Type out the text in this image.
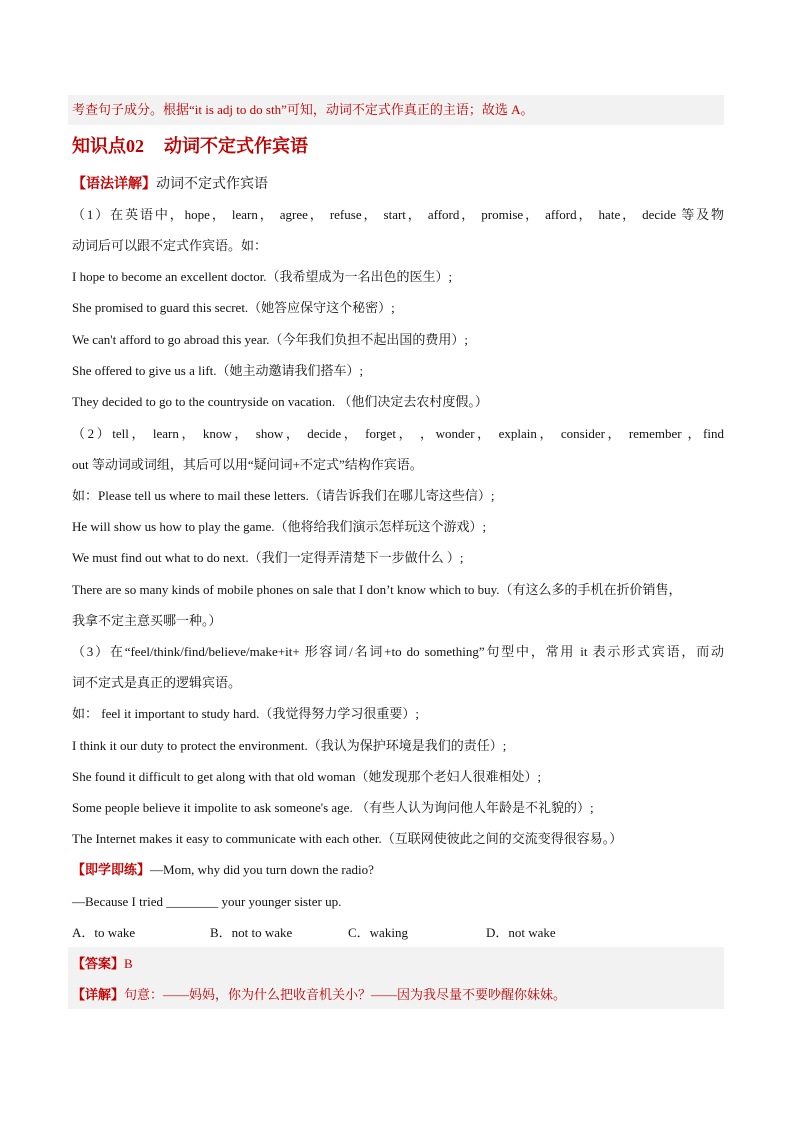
考查句子成分。根据“it is adj to do sth”可知，动词不定式作真正的主语；故选 A。
知识点02 动词不定式作宾语
【语法详解】动词不定式作宾语
（1）在英语中，hope， learn， agree， refuse， start， afford， promise， afford， hate， decide 等及物
动词后可以跟不定式作宾语。如：
I hope to become an excellent doctor.（我希望成为一名出色的医生）;
She promised to guard this secret.（她答应保守这个秘密）;
We can't afford to go abroad this year.（今年我们负担不起出国的费用）;
She offered to give us a lift.（她主动邀请我们搭车）;
They decided to go to the countryside on vacation. （他们决定去农村度假。）
（2）tell， learn， know， show， decide， forget， ，wonder， explain， consider， remember ，find
out 等动词或词组，其后可以用“疑问词+不定式”结构作宾语。
如：Please tell us where to mail these letters.（请告诉我们在哪儿寄这些信）;
He will show us how to play the game.（他将给我们演示怎样玩这个游戏）;
We must find out what to do next.（我们一定得弄清楚下一步做什么 ）;
There are so many kinds of mobile phones on sale that I don’t know which to buy.（有这么多的手机在折价销售，
我拿不定主意买哪一种。）
（3）在“feel/think/find/believe/make+it+ 形容词/名词+to do something”句型中，常用 it 表示形式宾语，而动
词不定式是真正的逻辑宾语。
如： feel it important to study hard.（我觉得努力学习很重要）;
I think it our duty to protect the environment.（我认为保护环境是我们的责任）;
She found it difficult to get along with that old woman（她发现那个老妇人很难相处）;
Some people believe it impolite to ask someone's age. （有些人认为询问他人年龄是不礼貌的）;
The Internet makes it easy to communicate with each other.（互联网使彼此之间的交流变得很容易。）
【即学即练】—Mom, why did you turn down the radio?
—Because I tried ________ your younger sister up.
A．to wake	B．not to wake	C．waking	D．not wake
【答案】B
【详解】句意：——妈妈，你为什么把收音机关小？——因为我尽量不要吵醒你妹妹。
